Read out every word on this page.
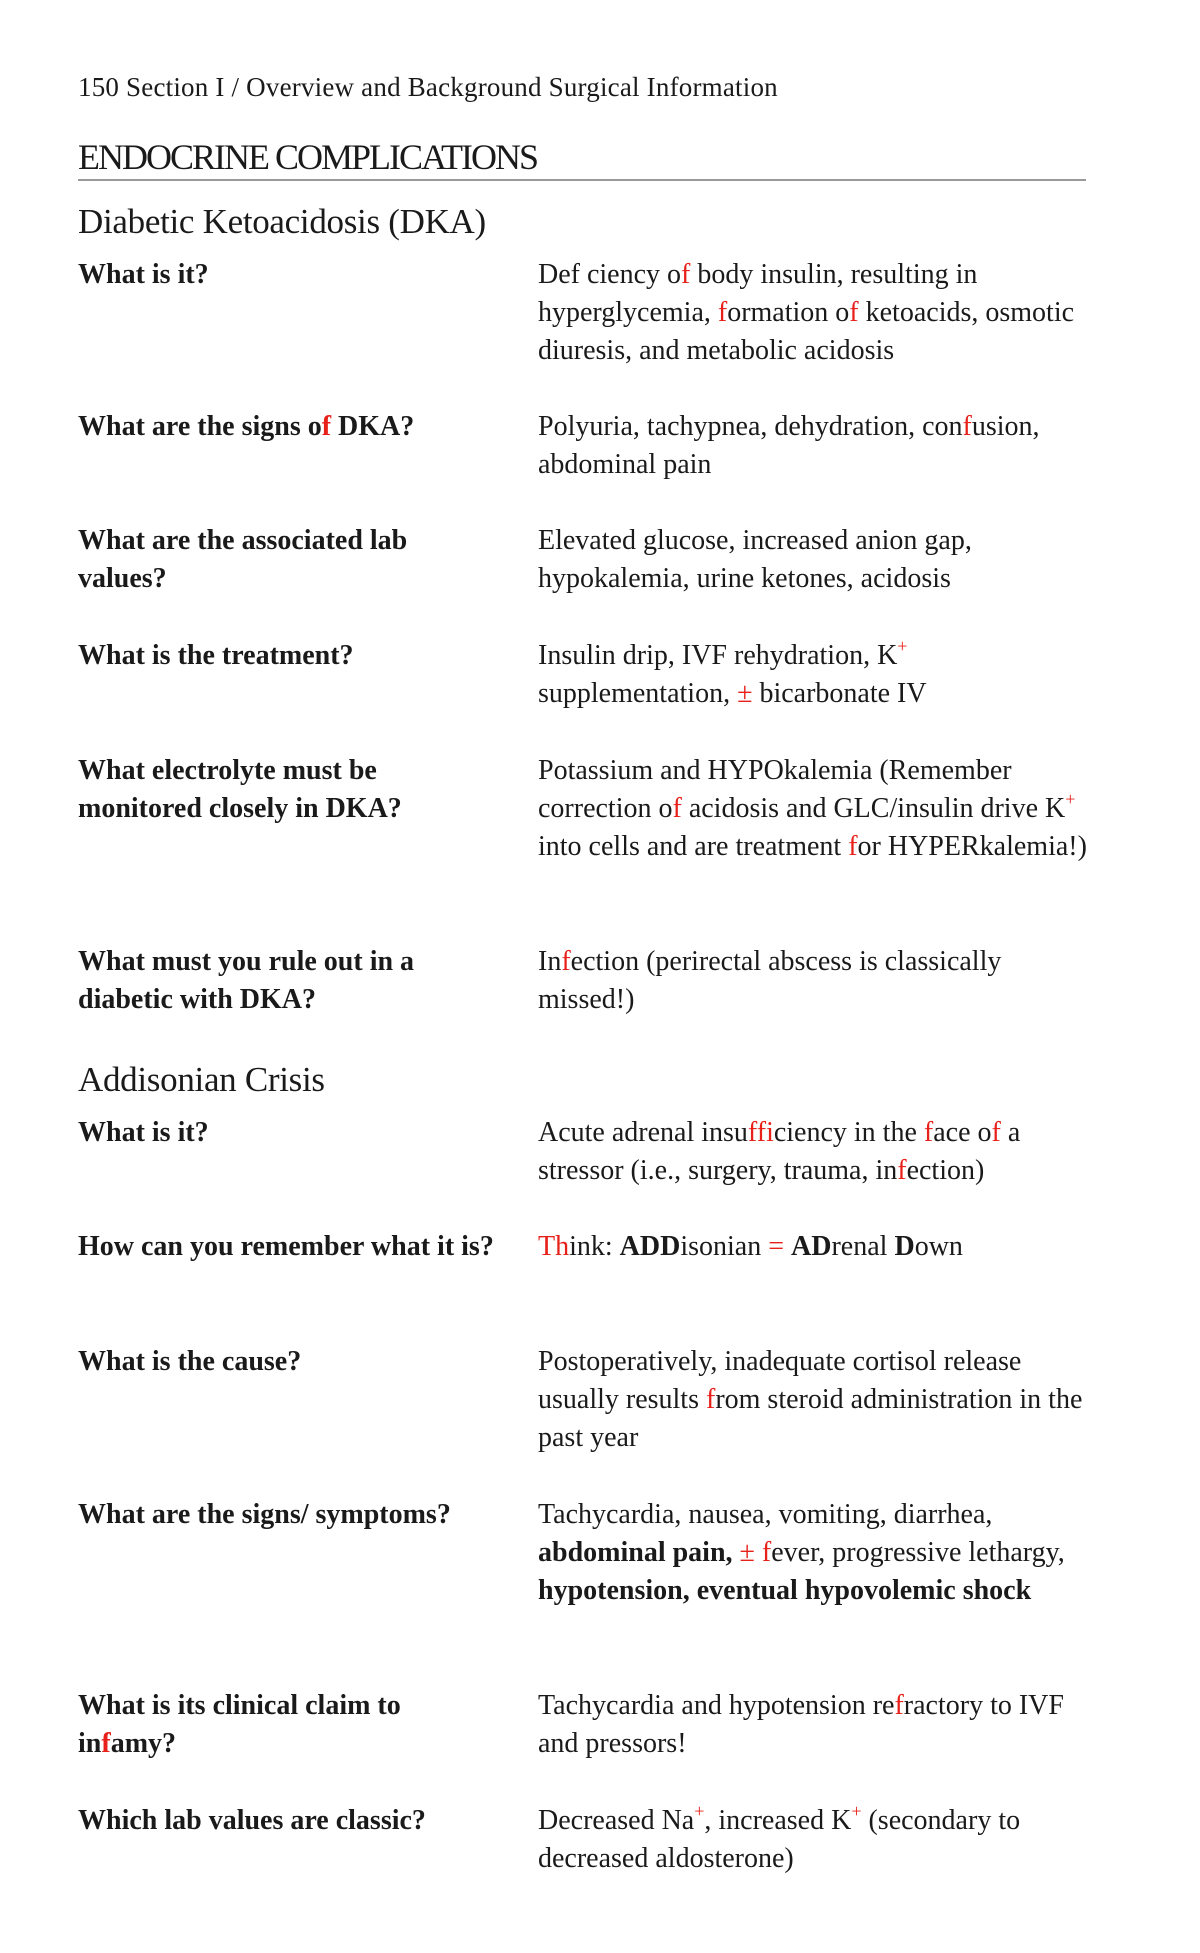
150 Section I / Overview and Background Surgical Information
ENDOCRINE COMPLICATIONS
Diabetic Ketoacidosis (DKA)
What is it?	Def ciency of body insulin, resulting in hyperglycemia, formation of ketoacids, osmotic diuresis, and metabolic acidosis
What are the signs of DKA?	Polyuria, tachypnea, dehydration, confusion, abdominal pain
What are the associated lab values?
Elevated glucose, increased anion gap, hypokalemia, urine ketones, acidosis
What is the treatment?	Insulin drip, IVF rehydration, K+ supplementation, ± bicarbonate IV
What electrolyte must be monitored closely in DKA?
Potassium and HYPOkalemia (Remember correction of acidosis and GLC/insulin drive K+ into cells and are treatment for HYPERkalemia!)
What must you rule out in a diabetic with DKA?
Infection (perirectal abscess is classically missed!)
Addisonian Crisis
What is it?	Acute adrenal insufficiency in the face of a stressor (i.e., surgery, trauma, infection)
How can you remember what it is? Think: ADDisonian = ADrenal Down
What is the cause?	Postoperatively, inadequate cortisol release usually results from steroid administration in the past year
What are the signs/ symptoms?	Tachycardia, nausea, vomiting, diarrhea, abdominal pain, ± fever, progressive lethargy, hypotension, eventual hypovolemic shock
What is its clinical claim to infamy?
Tachycardia and hypotension refractory to IVF and pressors!
Which lab values are classic?	Decreased Na+, increased K+ (secondary to decreased aldosterone)
